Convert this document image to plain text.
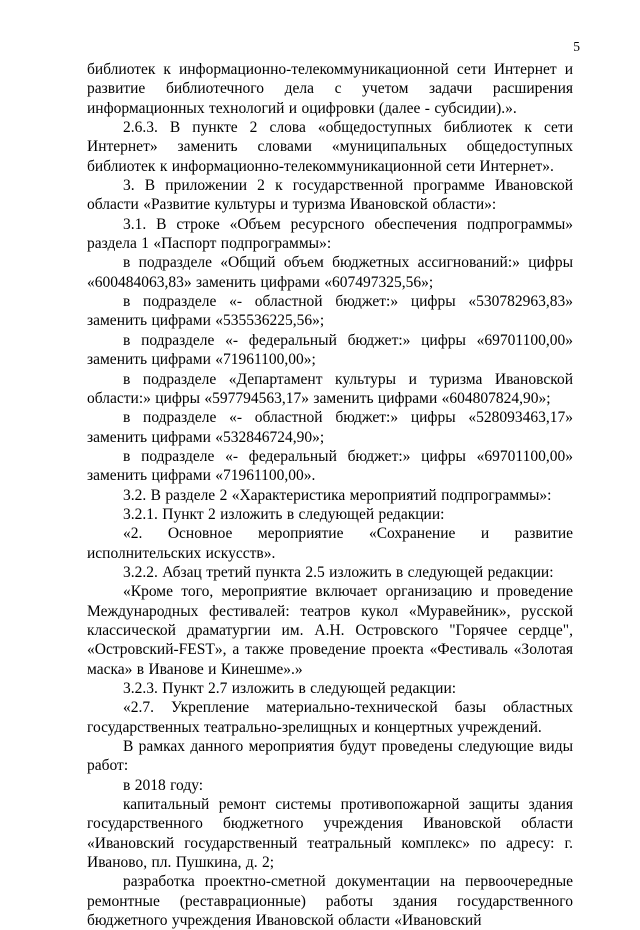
5

библиотек к информационно-телекоммуникационной сети Интернет и развитие библиотечного дела с учетом задачи расширения информационных технологий и оцифровки (далее - субсидии).».

2.6.3. В пункте 2 слова «общедоступных библиотек к сети Интернет» заменить словами «муниципальных общедоступных библиотек к информационно-телекоммуникационной сети Интернет».

3. В приложении 2 к государственной программе Ивановской области «Развитие культуры и туризма Ивановской области»:

3.1. В строке «Объем ресурсного обеспечения подпрограммы» раздела 1 «Паспорт подпрограммы»:

в подразделе «Общий объем бюджетных ассигнований:» цифры «600484063,83» заменить цифрами «607497325,56»;

в подразделе «- областной бюджет:» цифры «530782963,83» заменить цифрами «535536225,56»;

в подразделе «- федеральный бюджет:» цифры «69701100,00» заменить цифрами «71961100,00»;

в подразделе «Департамент культуры и туризма Ивановской области:» цифры «597794563,17» заменить цифрами «604807824,90»;

в подразделе «- областной бюджет:» цифры «528093463,17» заменить цифрами «532846724,90»;

в подразделе «- федеральный бюджет:» цифры «69701100,00» заменить цифрами «71961100,00».

3.2. В разделе 2 «Характеристика мероприятий подпрограммы»:

3.2.1. Пункт 2 изложить в следующей редакции:

«2. Основное мероприятие «Сохранение и развитие исполнительских искусств».

3.2.2. Абзац третий пункта 2.5 изложить в следующей редакции:

«Кроме того, мероприятие включает организацию и проведение Международных фестивалей: театров кукол «Муравейник», русской классической драматургии им. А.Н. Островского "Горячее сердце", «Островский-FEST», а также проведение проекта «Фестиваль «Золотая маска» в Иванове и Кинешме».»

3.2.3. Пункт 2.7 изложить в следующей редакции:

«2.7. Укрепление материально-технической базы областных государственных театрально-зрелищных и концертных учреждений.

В рамках данного мероприятия будут проведены следующие виды работ:

в 2018 году:

капитальный ремонт системы противопожарной защиты здания государственного бюджетного учреждения Ивановской области «Ивановский государственный театральный комплекс» по адресу: г. Иваново, пл. Пушкина, д. 2;

разработка проектно-сметной документации на первоочередные ремонтные (реставрационные) работы здания государственного бюджетного учреждения Ивановской области «Ивановский
